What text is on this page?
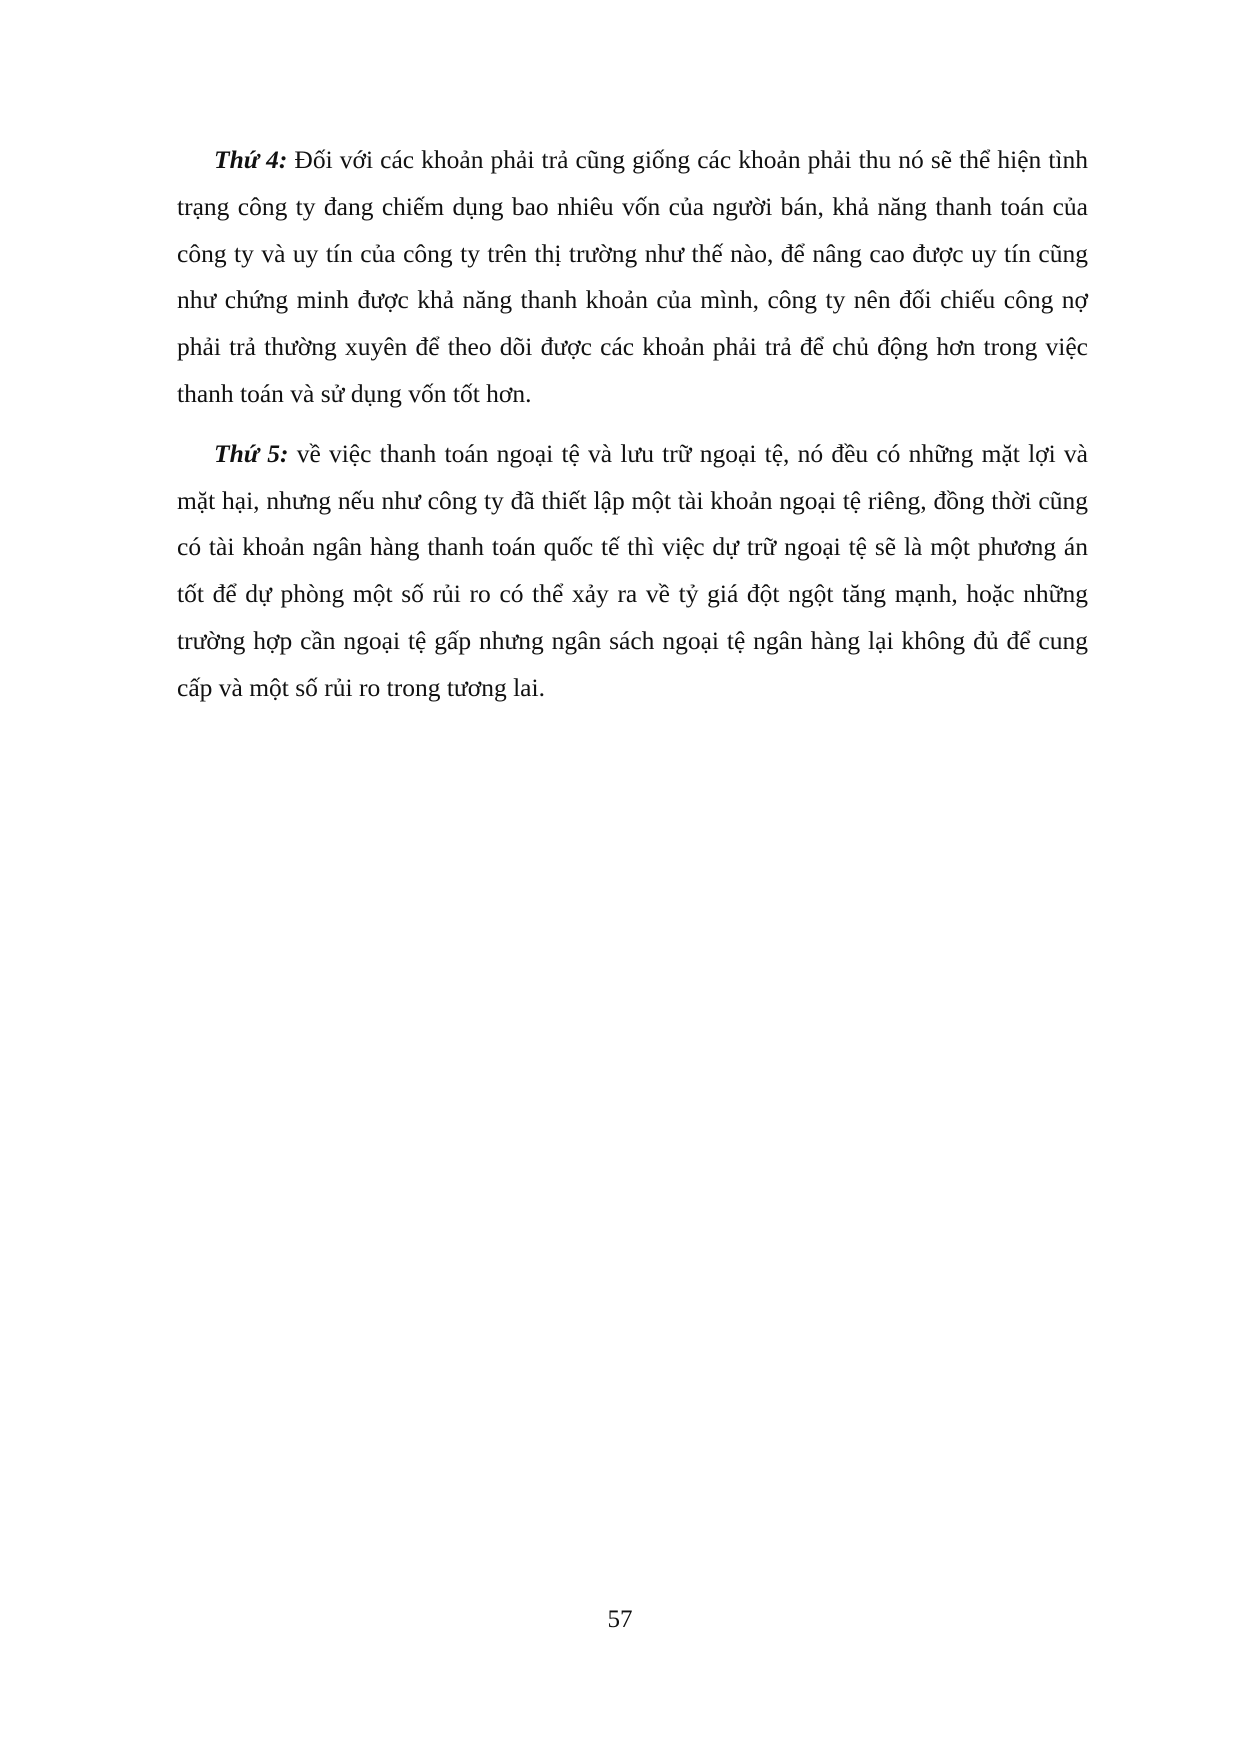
Thứ 4: Đối với các khoản phải trả cũng giống các khoản phải thu nó sẽ thể hiện tình trạng công ty đang chiếm dụng bao nhiêu vốn của người bán, khả năng thanh toán của công ty và uy tín của công ty trên thị trường như thế nào, để nâng cao được uy tín cũng như chứng minh được khả năng thanh khoản của mình, công ty nên đối chiếu công nợ phải trả thường xuyên để theo dõi được các khoản phải trả để chủ động hơn trong việc thanh toán và sử dụng vốn tốt hơn.

Thứ 5: về việc thanh toán ngoại tệ và lưu trữ ngoại tệ, nó đều có những mặt lợi và mặt hại, nhưng nếu như công ty đã thiết lập một tài khoản ngoại tệ riêng, đồng thời cũng có tài khoản ngân hàng thanh toán quốc tế thì việc dự trữ ngoại tệ sẽ là một phương án tốt để dự phòng một số rủi ro có thể xảy ra về tỷ giá đột ngột tăng mạnh, hoặc những trường hợp cần ngoại tệ gấp nhưng ngân sách ngoại tệ ngân hàng lại không đủ để cung cấp và một số rủi ro trong tương lai.

57
